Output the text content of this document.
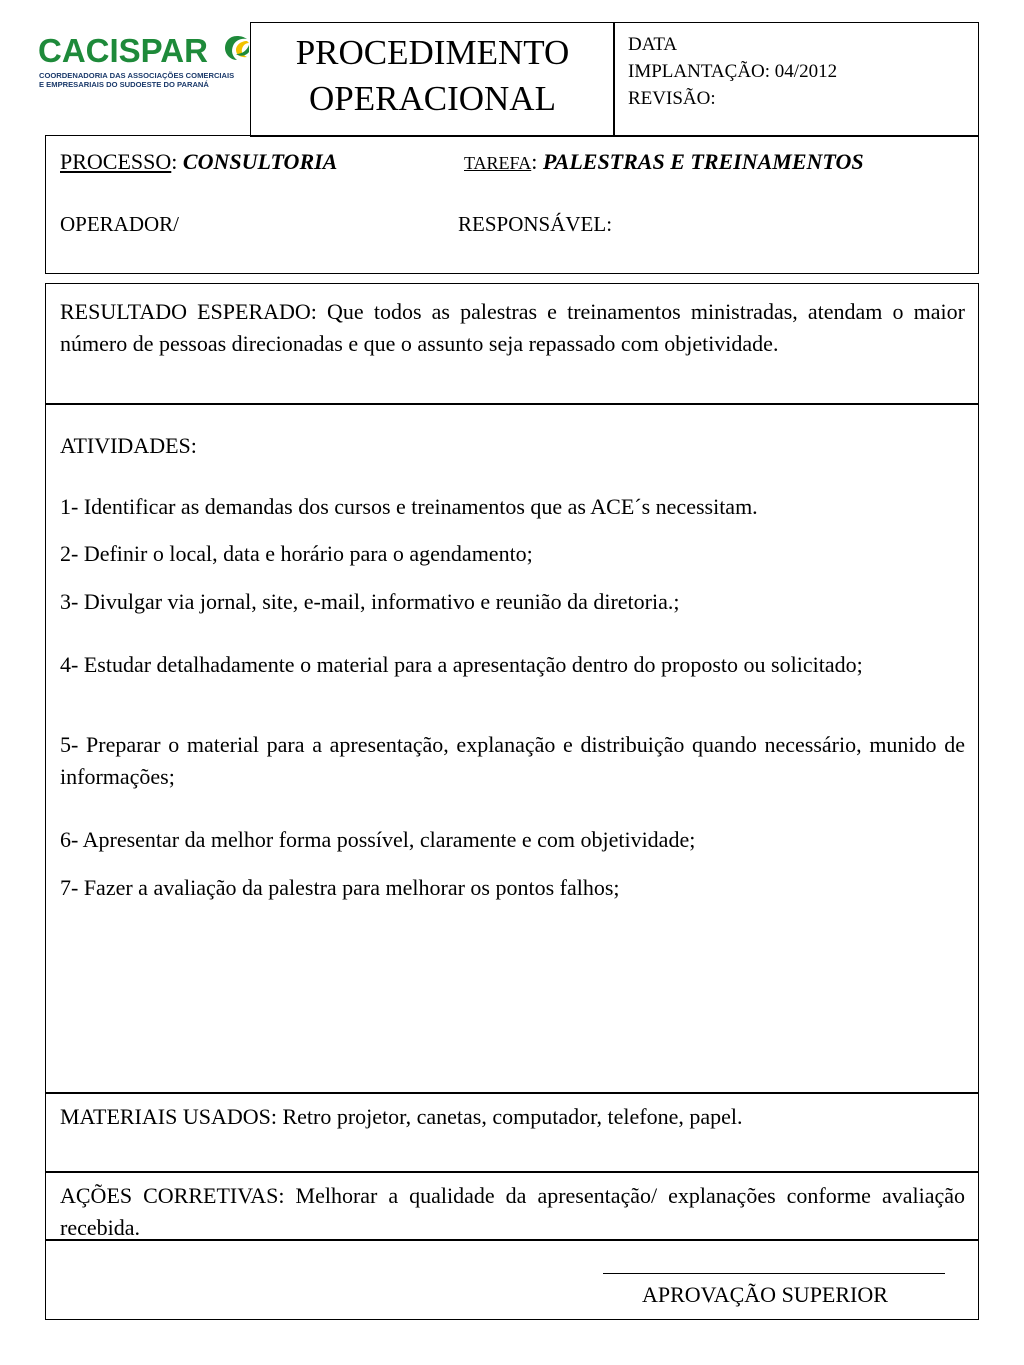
CACISPAR
COORDENADORIA DAS ASSOCIAÇÕES COMERCIAIS
E EMPRESARIAIS DO SUDOESTE DO PARANÁ
PROCEDIMENTO
OPERACIONAL
DATA
IMPLANTAÇÃO: 04/2012
REVISÃO:
PROCESSO: CONSULTORIA	TAREFA: PALESTRAS E TREINAMENTOS
OPERADOR/	RESPONSÁVEL:
RESULTADO ESPERADO: Que todos as palestras e treinamentos ministradas, atendam o maior número de pessoas direcionadas e que o assunto seja repassado com objetividade.
ATIVIDADES:
1- Identificar as demandas dos cursos e treinamentos que as ACE´s necessitam.
2- Definir o local, data e horário para o agendamento;
3- Divulgar via jornal, site, e-mail, informativo e reunião da diretoria.;
4- Estudar detalhadamente o material para a apresentação dentro do proposto ou solicitado;
5- Preparar o material para a apresentação, explanação e distribuição quando necessário, munido de informações;
6- Apresentar da melhor forma possível, claramente e com objetividade;
7- Fazer a avaliação da palestra para melhorar os pontos falhos;
MATERIAIS USADOS: Retro projetor, canetas, computador, telefone, papel.
AÇÕES CORRETIVAS: Melhorar a qualidade da apresentação/ explanações conforme avaliação recebida.
APROVAÇÃO SUPERIOR
